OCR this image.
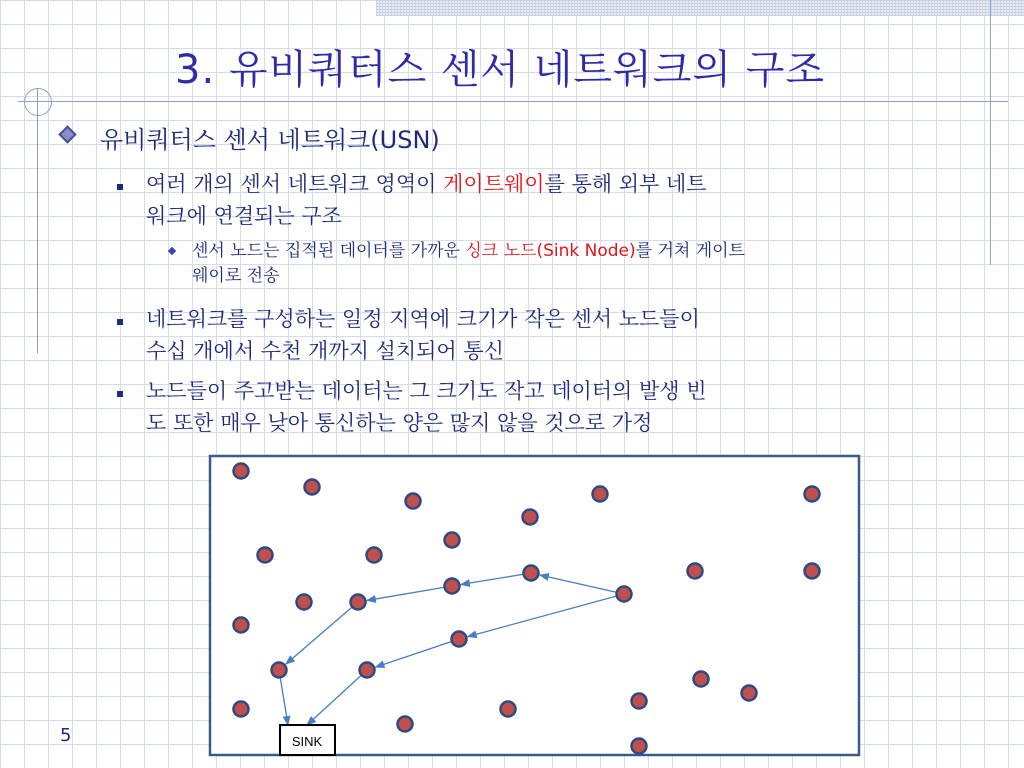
3. 유비쿼터스 센서 네트워크의 구조
유비쿼터스 센서 네트워크(USN)
여러 개의 센서 네트워크 영역이 게이트웨이를 통해 외부 네트
워크에 연결되는 구조
센서 노드는 집적된 데이터를 가까운 싱크 노드(Sink Node)를 거쳐 게이트
웨이로 전송
네트워크를 구성하는 일정 지역에 크기가 작은 센서 노드들이
수십 개에서 수천 개까지 설치되어 통신
노드들이 주고받는 데이터는 그 크기도 작고 데이터의 발생 빈
도 또한 매우 낮아 통신하는 양은 많지 않을 것으로 가정
SINK
5
